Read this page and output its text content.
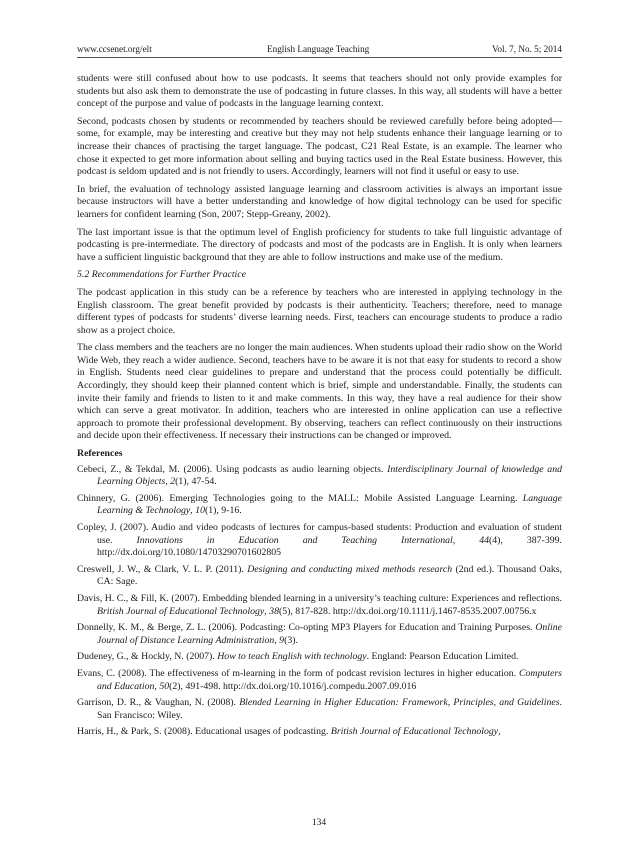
www.ccsenet.org/elt	English Language Teaching	Vol. 7, No. 5; 2014

students were still confused about how to use podcasts. It seems that teachers should not only provide examples for students but also ask them to demonstrate the use of podcasting in future classes. In this way, all students will have a better concept of the purpose and value of podcasts in the language learning context.

Second, podcasts chosen by students or recommended by teachers should be reviewed carefully before being adopted—some, for example, may be interesting and creative but they may not help students enhance their language learning or to increase their chances of practising the target language. The podcast, C21 Real Estate, is an example. The learner who chose it expected to get more information about selling and buying tactics used in the Real Estate business. However, this podcast is seldom updated and is not friendly to users. Accordingly, learners will not find it useful or easy to use.

In brief, the evaluation of technology assisted language learning and classroom activities is always an important issue because instructors will have a better understanding and knowledge of how digital technology can be used for specific learners for confident learning (Son, 2007; Stepp-Greany, 2002).

The last important issue is that the optimum level of English proficiency for students to take full linguistic advantage of podcasting is pre-intermediate. The directory of podcasts and most of the podcasts are in English. It is only when learners have a sufficient linguistic background that they are able to follow instructions and make use of the medium.

5.2 Recommendations for Further Practice

The podcast application in this study can be a reference by teachers who are interested in applying technology in the English classroom. The great benefit provided by podcasts is their authenticity. Teachers; therefore, need to manage different types of podcasts for students’ diverse learning needs. First, teachers can encourage students to produce a radio show as a project choice.

The class members and the teachers are no longer the main audiences. When students upload their radio show on the World Wide Web, they reach a wider audience. Second, teachers have to be aware it is not that easy for students to record a show in English. Students need clear guidelines to prepare and understand that the process could potentially be difficult. Accordingly, they should keep their planned content which is brief, simple and understandable. Finally, the students can invite their family and friends to listen to it and make comments. In this way, they have a real audience for their show which can serve a great motivator. In addition, teachers who are interested in online application can use a reflective approach to promote their professional development. By observing, teachers can reflect continuously on their instructions and decide upon their effectiveness. If necessary their instructions can be changed or improved.

References
Cebeci, Z., & Tekdal, M. (2006). Using podcasts as audio learning objects. Interdisciplinary Journal of knowledge and Learning Objects, 2(1), 47-54.
Chinnery, G. (2006). Emerging Technologies going to the MALL: Mobile Assisted Language Learning. Language Learning & Technology, 10(1), 9-16.
Copley, J. (2007). Audio and video podcasts of lectures for campus-based students: Production and evaluation of student use. Innovations in Education and Teaching International, 44(4), 387-399. http://dx.doi.org/10.1080/14703290701602805
Creswell, J. W., & Clark, V. L. P. (2011). Designing and conducting mixed methods research (2nd ed.). Thousand Oaks, CA: Sage.
Davis, H. C., & Fill, K. (2007). Embedding blended learning in a university’s teaching culture: Experiences and reflections. British Journal of Educational Technology, 38(5), 817-828. http://dx.doi.org/10.1111/j.1467-8535.2007.00756.x
Donnelly, K. M., & Berge, Z. L. (2006). Podcasting: Co-opting MP3 Players for Education and Training Purposes. Online Journal of Distance Learning Administration, 9(3).
Dudeney, G., & Hockly, N. (2007). How to teach English with technology. England: Pearson Education Limited.
Evans, C. (2008). The effectiveness of m-learning in the form of podcast revision lectures in higher education. Computers and Education, 50(2), 491-498. http://dx.doi.org/10.1016/j.compedu.2007.09.016
Garrison, D. R., & Vaughan, N. (2008). Blended Learning in Higher Education: Framework, Principles, and Guidelines. San Francisco: Wiley.
Harris, H., & Park, S. (2008). Educational usages of podcasting. British Journal of Educational Technology,
134
